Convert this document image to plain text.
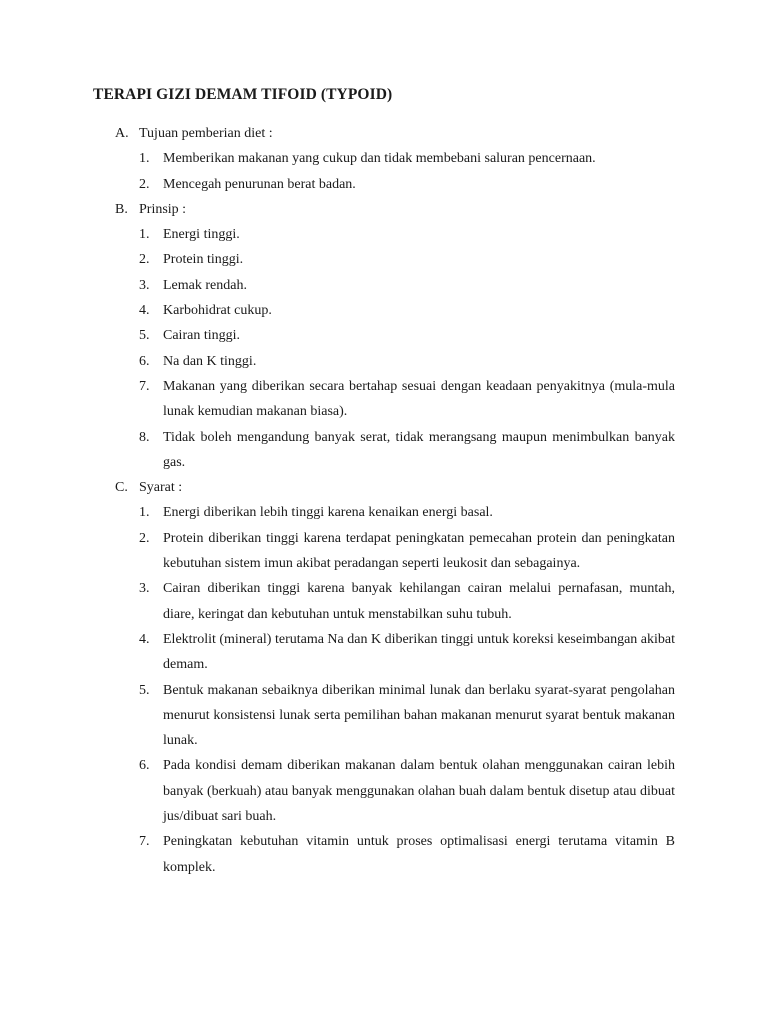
TERAPI GIZI DEMAM TIFOID (TYPOID)
A. Tujuan pemberian diet :
1. Memberikan makanan yang cukup dan tidak membebani saluran pencernaan.
2. Mencegah penurunan berat badan.
B. Prinsip :
1. Energi tinggi.
2. Protein tinggi.
3. Lemak rendah.
4. Karbohidrat cukup.
5. Cairan tinggi.
6. Na dan K tinggi.
7. Makanan yang diberikan secara bertahap sesuai dengan keadaan penyakitnya (mula-mula lunak kemudian makanan biasa).
8. Tidak boleh mengandung banyak serat, tidak merangsang maupun menimbulkan banyak gas.
C. Syarat :
1. Energi diberikan lebih tinggi karena kenaikan energi basal.
2. Protein diberikan tinggi karena terdapat peningkatan pemecahan protein dan peningkatan kebutuhan sistem imun akibat peradangan seperti leukosit dan sebagainya.
3. Cairan diberikan tinggi karena banyak kehilangan cairan melalui pernafasan, muntah, diare, keringat dan kebutuhan untuk menstabilkan suhu tubuh.
4. Elektrolit (mineral) terutama Na dan K diberikan tinggi untuk koreksi keseimbangan akibat demam.
5. Bentuk makanan sebaiknya diberikan minimal lunak dan berlaku syarat-syarat pengolahan menurut konsistensi lunak serta pemilihan bahan makanan menurut syarat bentuk makanan lunak.
6. Pada kondisi demam diberikan makanan dalam bentuk olahan menggunakan cairan lebih banyak (berkuah) atau banyak menggunakan olahan buah dalam bentuk disetup atau dibuat jus/dibuat sari buah.
7. Peningkatan kebutuhan vitamin untuk proses optimalisasi energi terutama vitamin B komplek.
